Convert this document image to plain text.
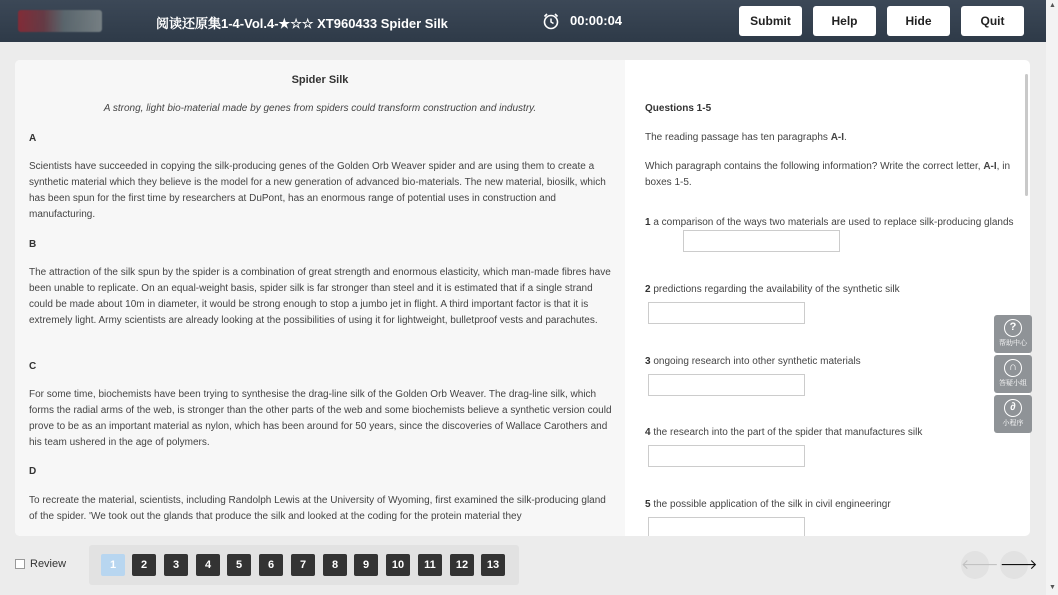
阅读还原集1-4-Vol.4-★☆☆ XT960433 Spider Silk	00:00:04	Submit	Help	Hide	Quit
Spider Silk
A strong, light bio-material made by genes from spiders could transform construction and industry.
A
Scientists have succeeded in copying the silk-producing genes of the Golden Orb Weaver spider and are using them to create a synthetic material which they believe is the model for a new generation of advanced bio-materials. The new material, biosilk, which has been spun for the first time by researchers at DuPont, has an enormous range of potential uses in construction and manufacturing.
B
The attraction of the silk spun by the spider is a combination of great strength and enormous elasticity, which man-made fibres have been unable to replicate. On an equal-weight basis, spider silk is far stronger than steel and it is estimated that if a single strand could be made about 10m in diameter, it would be strong enough to stop a jumbo jet in flight. A third important factor is that it is extremely light. Army scientists are already looking at the possibilities of using it for lightweight, bulletproof vests and parachutes.
C
For some time, biochemists have been trying to synthesise the drag-line silk of the Golden Orb Weaver. The drag-line silk, which forms the radial arms of the web, is stronger than the other parts of the web and some biochemists believe a synthetic version could prove to be as an important material as nylon, which has been around for 50 years, since the discoveries of Wallace Carothers and his team ushered in the age of polymers.
D
To recreate the material, scientists, including Randolph Lewis at the University of Wyoming, first examined the silk-producing gland of the spider. 'We took out the glands that produce the silk and looked at the coding for the protein material they
Questions 1-5
The reading passage has ten paragraphs A-I.
Which paragraph contains the following information? Write the correct letter, A-I, in boxes 1-5.
1 a comparison of the ways two materials are used to replace silk-producing glands
2 predictions regarding the availability of the synthetic silk
3 ongoing research into other synthetic materials
4 the research into the part of the spider that manufactures silk
5 the possible application of the silk in civil engineeringr
?
帮助中心
∩
答疑小组
∂
小程序
▲
▼
Review	1	2	3	4	5	6	7	8	9	10	11	12	13	🡐 🡒
